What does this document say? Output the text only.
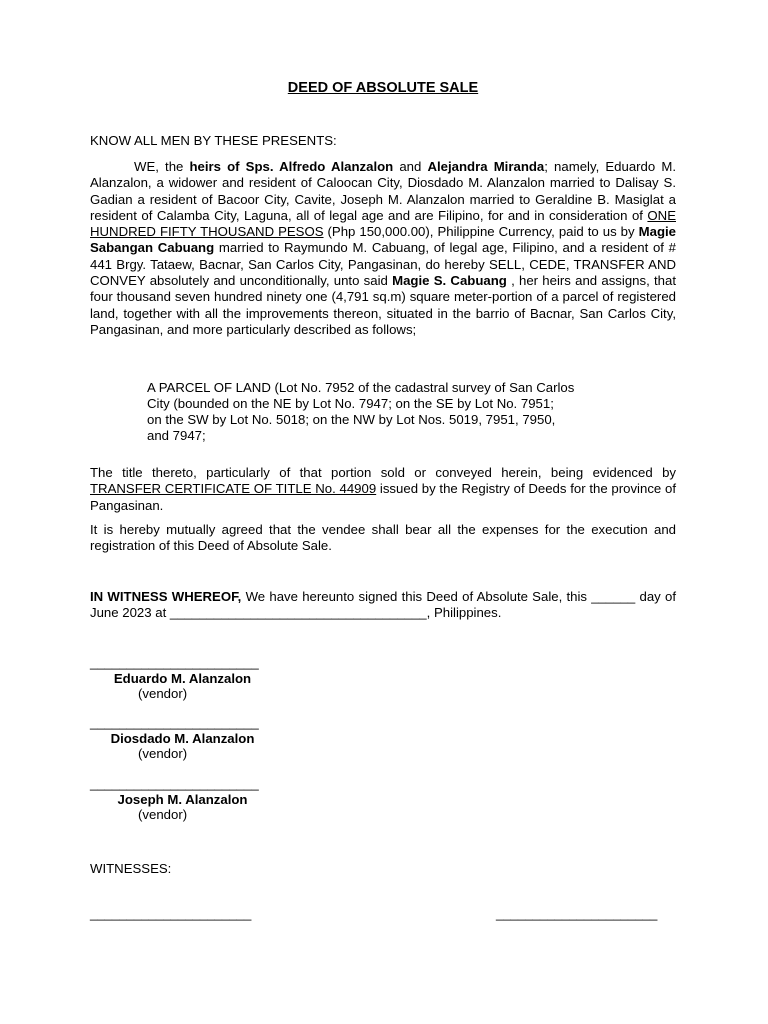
DEED OF ABSOLUTE SALE
KNOW ALL MEN BY THESE PRESENTS:
WE, the heirs of Sps. Alfredo Alanzalon and Alejandra Miranda; namely, Eduardo M. Alanzalon, a widower and resident of Caloocan City, Diosdado M. Alanzalon married to Dalisay S. Gadian a resident of Bacoor City, Cavite, Joseph M. Alanzalon married to Geraldine B. Masiglat a resident of Calamba City, Laguna, all of legal age and are Filipino, for and in consideration of ONE HUNDRED FIFTY THOUSAND PESOS (Php 150,000.00), Philippine Currency, paid to us by Magie Sabangan Cabuang married to Raymundo M. Cabuang, of legal age, Filipino, and a resident of # 441 Brgy. Tataew, Bacnar, San Carlos City, Pangasinan, do hereby SELL, CEDE, TRANSFER AND CONVEY absolutely and unconditionally, unto said Magie S. Cabuang , her heirs and assigns, that four thousand seven hundred ninety one (4,791 sq.m) square meter-portion of a parcel of registered land, together with all the improvements thereon, situated in the barrio of Bacnar, San Carlos City, Pangasinan, and more particularly described as follows;
A PARCEL OF LAND (Lot No. 7952 of the cadastral survey of San Carlos
City (bounded on the NE by Lot No. 7947; on the SE by Lot No. 7951;
on the SW by Lot No. 5018; on the NW by Lot Nos. 5019, 7951, 7950,
and 7947;
The title thereto, particularly of that portion sold or conveyed herein, being evidenced by TRANSFER CERTIFICATE OF TITLE No. 44909 issued by the Registry of Deeds for the province of Pangasinan.
It is hereby mutually agreed that the vendee shall bear all the expenses for the execution and registration of this Deed of Absolute Sale.
IN WITNESS WHEREOF, We have hereunto signed this Deed of Absolute Sale, this ______ day of June 2023 at ___________________________________, Philippines.
_______________________
Eduardo M. Alanzalon
(vendor)
_______________________
Diosdado M. Alanzalon
(vendor)
_______________________
Joseph M. Alanzalon
(vendor)
WITNESSES:
______________________	______________________
